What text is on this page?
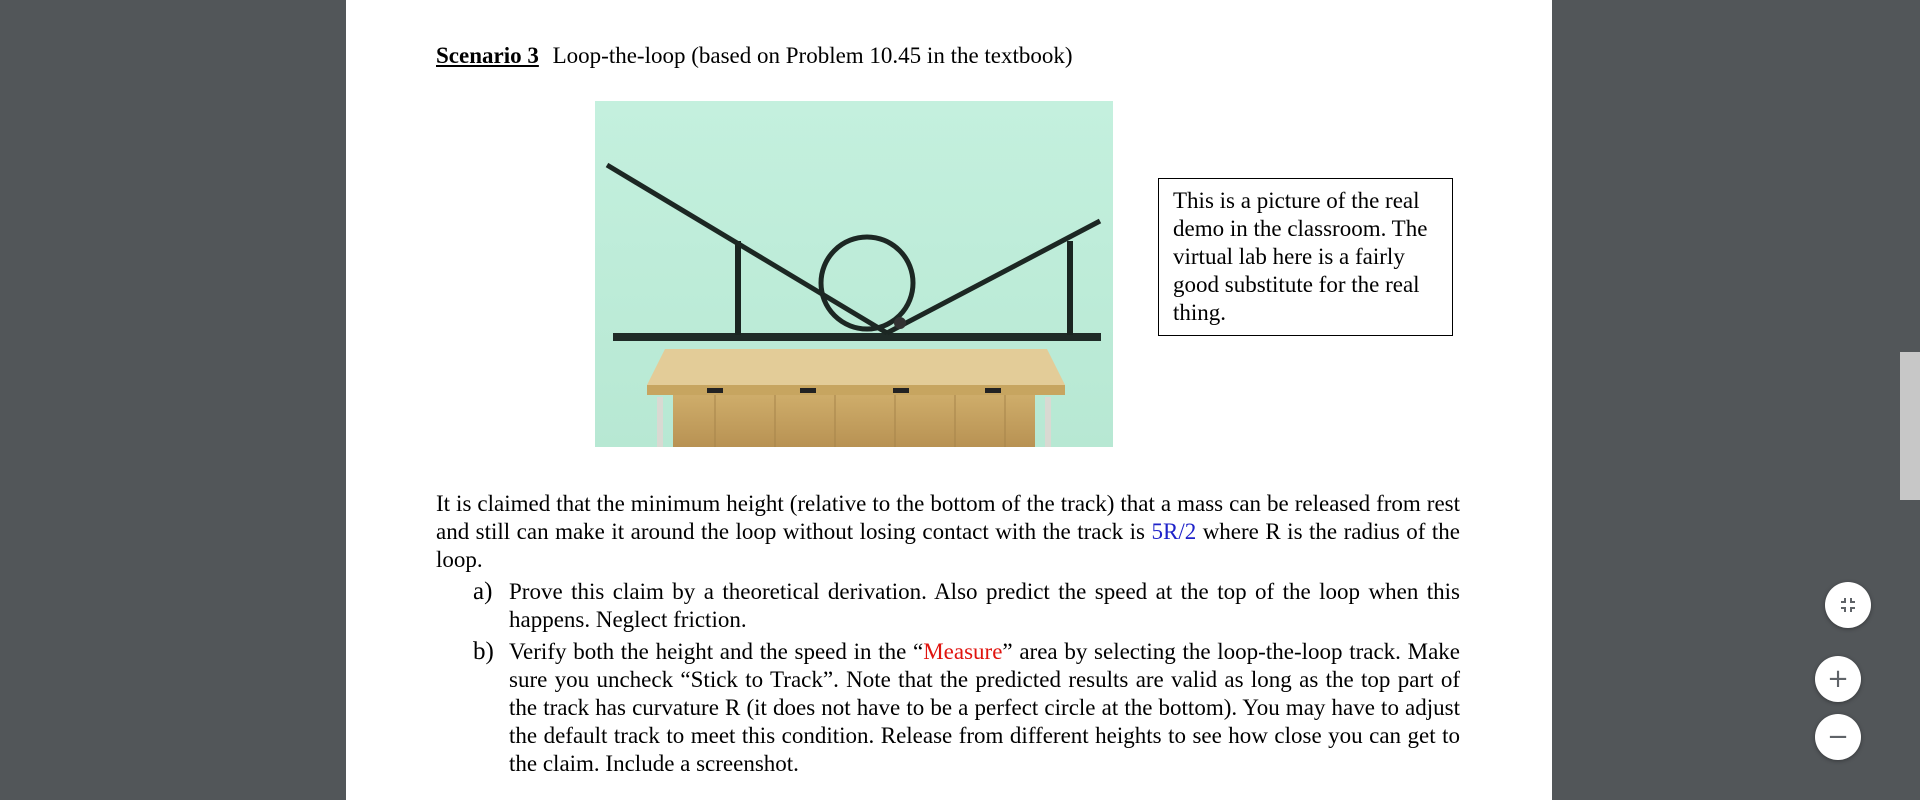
Scenario 3 Loop-the-loop (based on Problem 10.45 in the textbook)
This is a picture of the real demo in the classroom. The virtual lab here is a fairly good substitute for the real thing.
It is claimed that the minimum height (relative to the bottom of the track) that a mass can be released from rest and still can make it around the loop without losing contact with the track is 5R/2 where R is the radius of the loop.
a) Prove this claim by a theoretical derivation. Also predict the speed at the top of the loop when this happens. Neglect friction.
b) Verify both the height and the speed in the “Measure” area by selecting the loop-the-loop track. Make sure you uncheck “Stick to Track”. Note that the predicted results are valid as long as the top part of the track has curvature R (it does not have to be a perfect circle at the bottom). You may have to adjust the default track to meet this condition. Release from different heights to see how close you can get to the claim. Include a screenshot.
+
−
